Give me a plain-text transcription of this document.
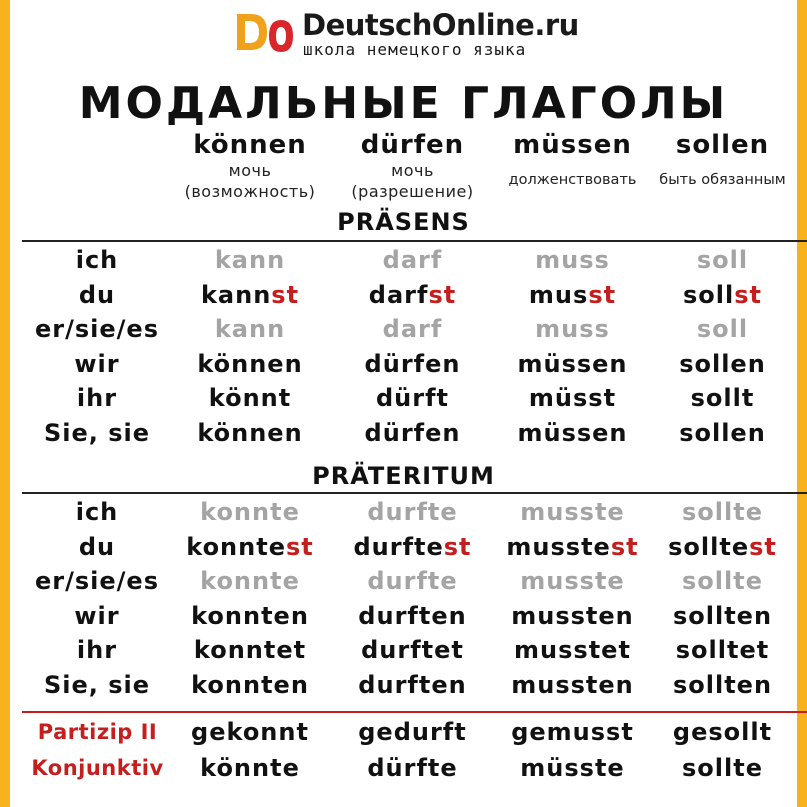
DeutschOnline.ru
школа немецкого языка
МОДАЛЬНЫЕ ГЛАГОЛЫ
können
мочь
(возможность)
dürfen
мочь
(разрешение)
müssen
долженствовать
sollen
быть обязанным
PRÄSENS
ich	kann	darf	muss	soll
du	kannst	darfst	musst	sollst
er/sie/es	kann	darf	muss	soll
wir	können	dürfen	müssen	sollen
ihr	könnt	dürft	müsst	sollt
Sie, sie	können	dürfen	müssen	sollen
PRÄTERITUM
ich	konnte	durfte	musste	sollte
du	konntest	durftest	musstest	solltest
er/sie/es	konnte	durfte	musste	sollte
wir	konnten	durften	mussten	sollten
ihr	konntet	durftet	musstet	solltet
Sie, sie	konnten	durften	mussten	sollten
Partizip II	gekonnt	gedurft	gemusst	gesollt
Konjunktiv	könnte	dürfte	müsste	sollte
